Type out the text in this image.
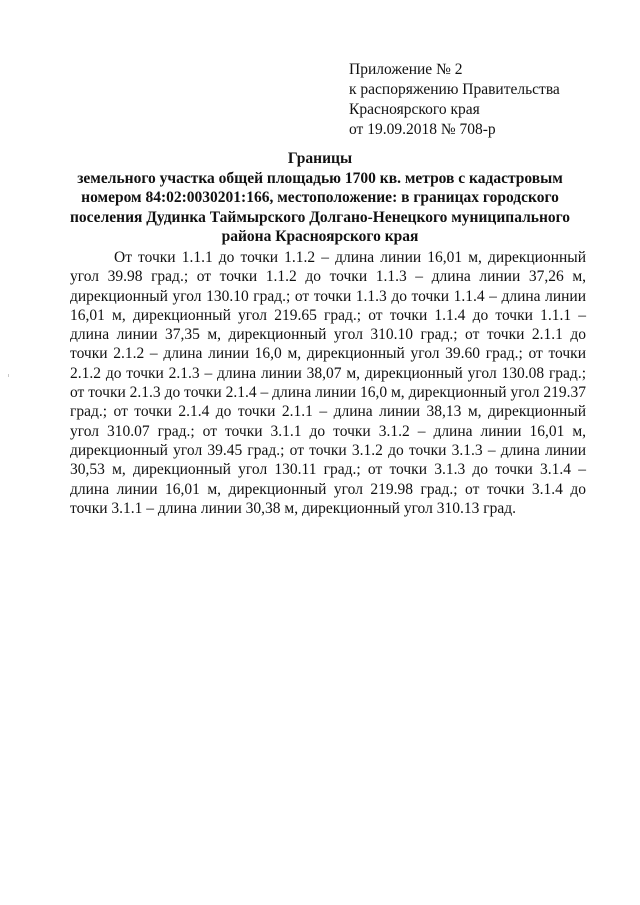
Приложение № 2
к распоряжению Правительства
Красноярского края
от 19.09.2018 № 708-р
Границы
земельного участка общей площадью 1700 кв. метров с кадастровым
номером 84:02:0030201:166, местоположение: в границах городского
поселения Дудинка Таймырского Долгано-Ненецкого муниципального
района Красноярского края

От точки 1.1.1 до точки 1.1.2 – длина линии 16,01 м, дирекционный угол 39.98 град.; от точки 1.1.2 до точки 1.1.3 – длина линии 37,26 м, дирекционный угол 130.10 град.; от точки 1.1.3 до точки 1.1.4 – длина линии 16,01 м, дирекционный угол 219.65 град.; от точки 1.1.4 до точки 1.1.1 – длина линии 37,35 м, дирекционный угол 310.10 град.; от точки 2.1.1 до точки 2.1.2 – длина линии 16,0 м, дирекционный угол 39.60 град.; от точки 2.1.2 до точки 2.1.3 – длина линии 38,07 м, дирекционный угол 130.08 град.; от точки 2.1.3 до точки 2.1.4 – длина линии 16,0 м, дирекционный угол 219.37 град.; от точки 2.1.4 до точки 2.1.1 – длина линии 38,13 м, дирекционный угол 310.07 град.; от точки 3.1.1 до точки 3.1.2 – длина линии 16,01 м, дирекционный угол 39.45 град.; от точки 3.1.2 до точки 3.1.3 – длина линии 30,53 м, дирекционный угол 130.11 град.; от точки 3.1.3 до точки 3.1.4 – длина линии 16,01 м, дирекционный угол 219.98 град.; от точки 3.1.4 до точки 3.1.1 – длина линии 30,38 м, дирекционный угол 310.13 град.
